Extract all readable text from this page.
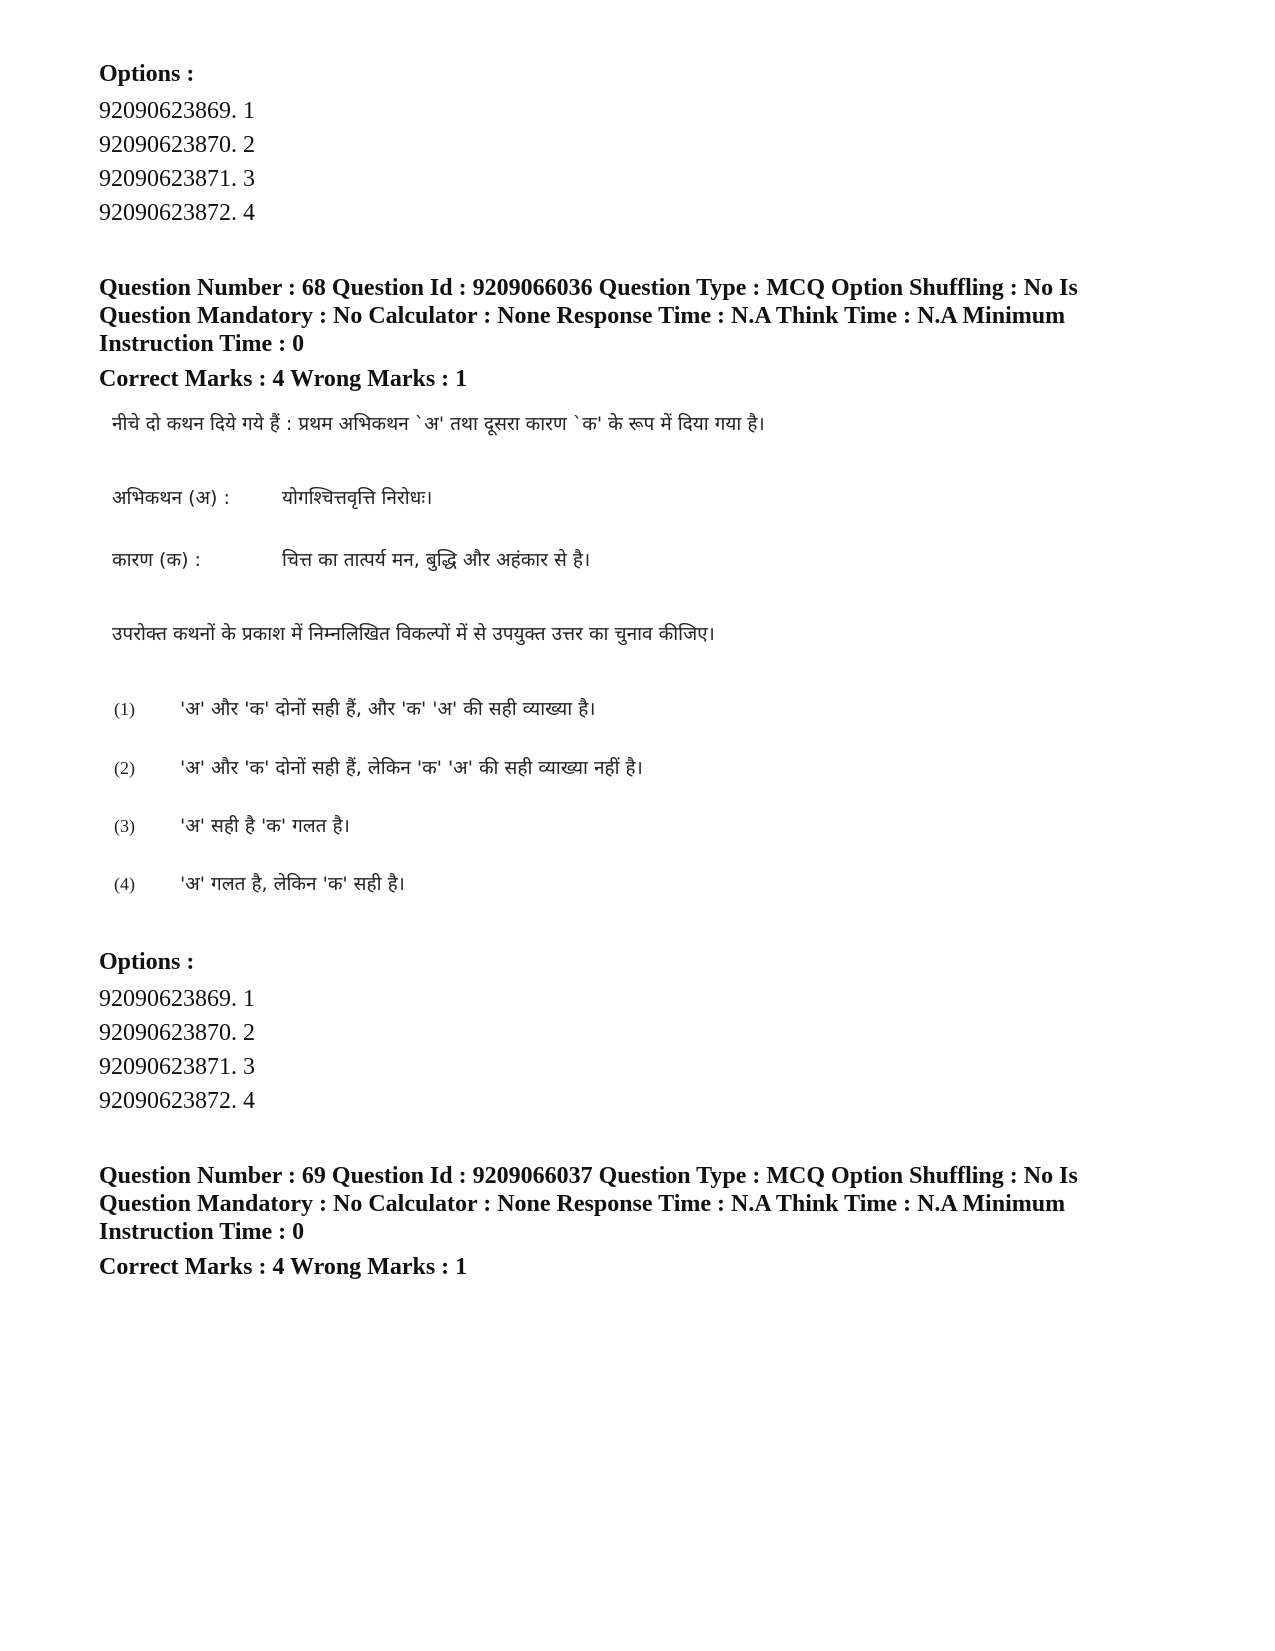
Options :
92090623869. 1
92090623870. 2
92090623871. 3
92090623872. 4
Question Number : 68 Question Id : 9209066036 Question Type : MCQ Option Shuffling : No Is
Question Mandatory : No Calculator : None Response Time : N.A Think Time : N.A Minimum
Instruction Time : 0
Correct Marks : 4 Wrong Marks : 1
नीचे दो कथन दिये गये हैं : प्रथम अभिकथन `अ' तथा दूसरा कारण `क' के रूप में दिया गया है।
अभिकथन (अ) :	योगश्चित्तवृत्ति निरोधः।
कारण (क) :	चित्त का तात्पर्य मन, बुद्धि और अहंकार से है।
उपरोक्त कथनों के प्रकाश में निम्नलिखित विकल्पों में से उपयुक्त उत्तर का चुनाव कीजिए।
(1) 'अ' और 'क' दोनों सही हैं, और 'क' 'अ' की सही व्याख्या है।
(2) 'अ' और 'क' दोनों सही हैं, लेकिन 'क' 'अ' की सही व्याख्या नहीं है।
(3) 'अ' सही है 'क' गलत है।
(4) 'अ' गलत है, लेकिन 'क' सही है।
Options :
92090623869. 1
92090623870. 2
92090623871. 3
92090623872. 4
Question Number : 69 Question Id : 9209066037 Question Type : MCQ Option Shuffling : No Is
Question Mandatory : No Calculator : None Response Time : N.A Think Time : N.A Minimum
Instruction Time : 0
Correct Marks : 4 Wrong Marks : 1
